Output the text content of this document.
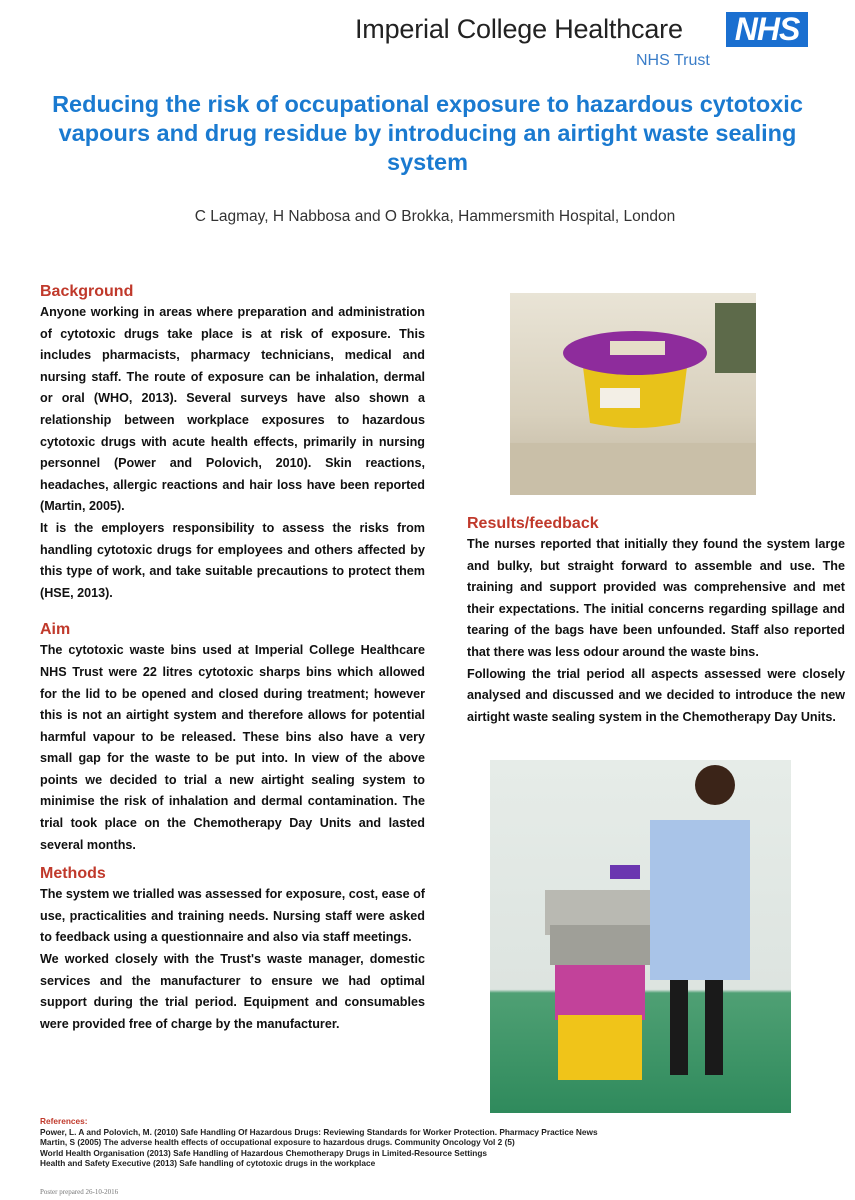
Imperial College Healthcare NHS
NHS Trust
Reducing the risk of occupational exposure to hazardous cytotoxic vapours and drug residue by introducing an airtight waste sealing system
C Lagmay, H Nabbosa and O Brokka, Hammersmith Hospital, London
Background

Anyone working in areas where preparation and administration of cytotoxic drugs take place is at risk of exposure. This includes pharmacists, pharmacy technicians, medical and nursing staff. The route of exposure can be inhalation, dermal or oral (WHO, 2013). Several surveys have also shown a relationship between workplace exposures to hazardous cytotoxic drugs with acute health effects, primarily in nursing personnel (Power and Polovich, 2010). Skin reactions, headaches, allergic reactions and hair loss have been reported (Martin, 2005).

It is the employers responsibility to assess the risks from handling cytotoxic drugs for employees and others affected by this type of work, and take suitable precautions to protect them (HSE, 2013).

Aim

The cytotoxic waste bins used at Imperial College Healthcare NHS Trust were 22 litres cytotoxic sharps bins which allowed for the lid to be opened and closed during treatment; however this is not an airtight system and therefore allows for potential harmful vapour to be released. These bins also have a very small gap for the waste to be put into. In view of the above points we decided to trial a new airtight sealing system to minimise the risk of inhalation and dermal contamination. The trial took place on the Chemotherapy Day Units and lasted several months.

Methods

The system we trialled was assessed for exposure, cost, ease of use, practicalities and training needs. Nursing staff were asked to feedback using a questionnaire and also via staff meetings.

We worked closely with the Trust's waste manager, domestic services and the manufacturer to ensure we had optimal support during the trial period. Equipment and consumables were provided free of charge by the manufacturer.

Results/feedback

The nurses reported that initially they found the system large and bulky, but straight forward to assemble and use. The training and support provided was comprehensive and met their expectations. The initial concerns regarding spillage and tearing of the bags have been unfounded. Staff also reported that there was less odour around the waste bins.

Following the trial period all aspects assessed were closely analysed and discussed and we decided to introduce the new airtight waste sealing system in the Chemotherapy Day Units.

References:
Power, L. A and Polovich, M. (2010) Safe Handling Of Hazardous Drugs: Reviewing Standards for Worker Protection. Pharmacy Practice News
Martin, S (2005) The adverse health effects of occupational exposure to hazardous drugs. Community Oncology Vol 2 (5)
World Health Organisation (2013) Safe Handling of Hazardous Chemotherapy Drugs in Limited-Resource Settings
Health and Safety Executive (2013) Safe handling of cytotoxic drugs in the workplace
Poster prepared 26-10-2016
